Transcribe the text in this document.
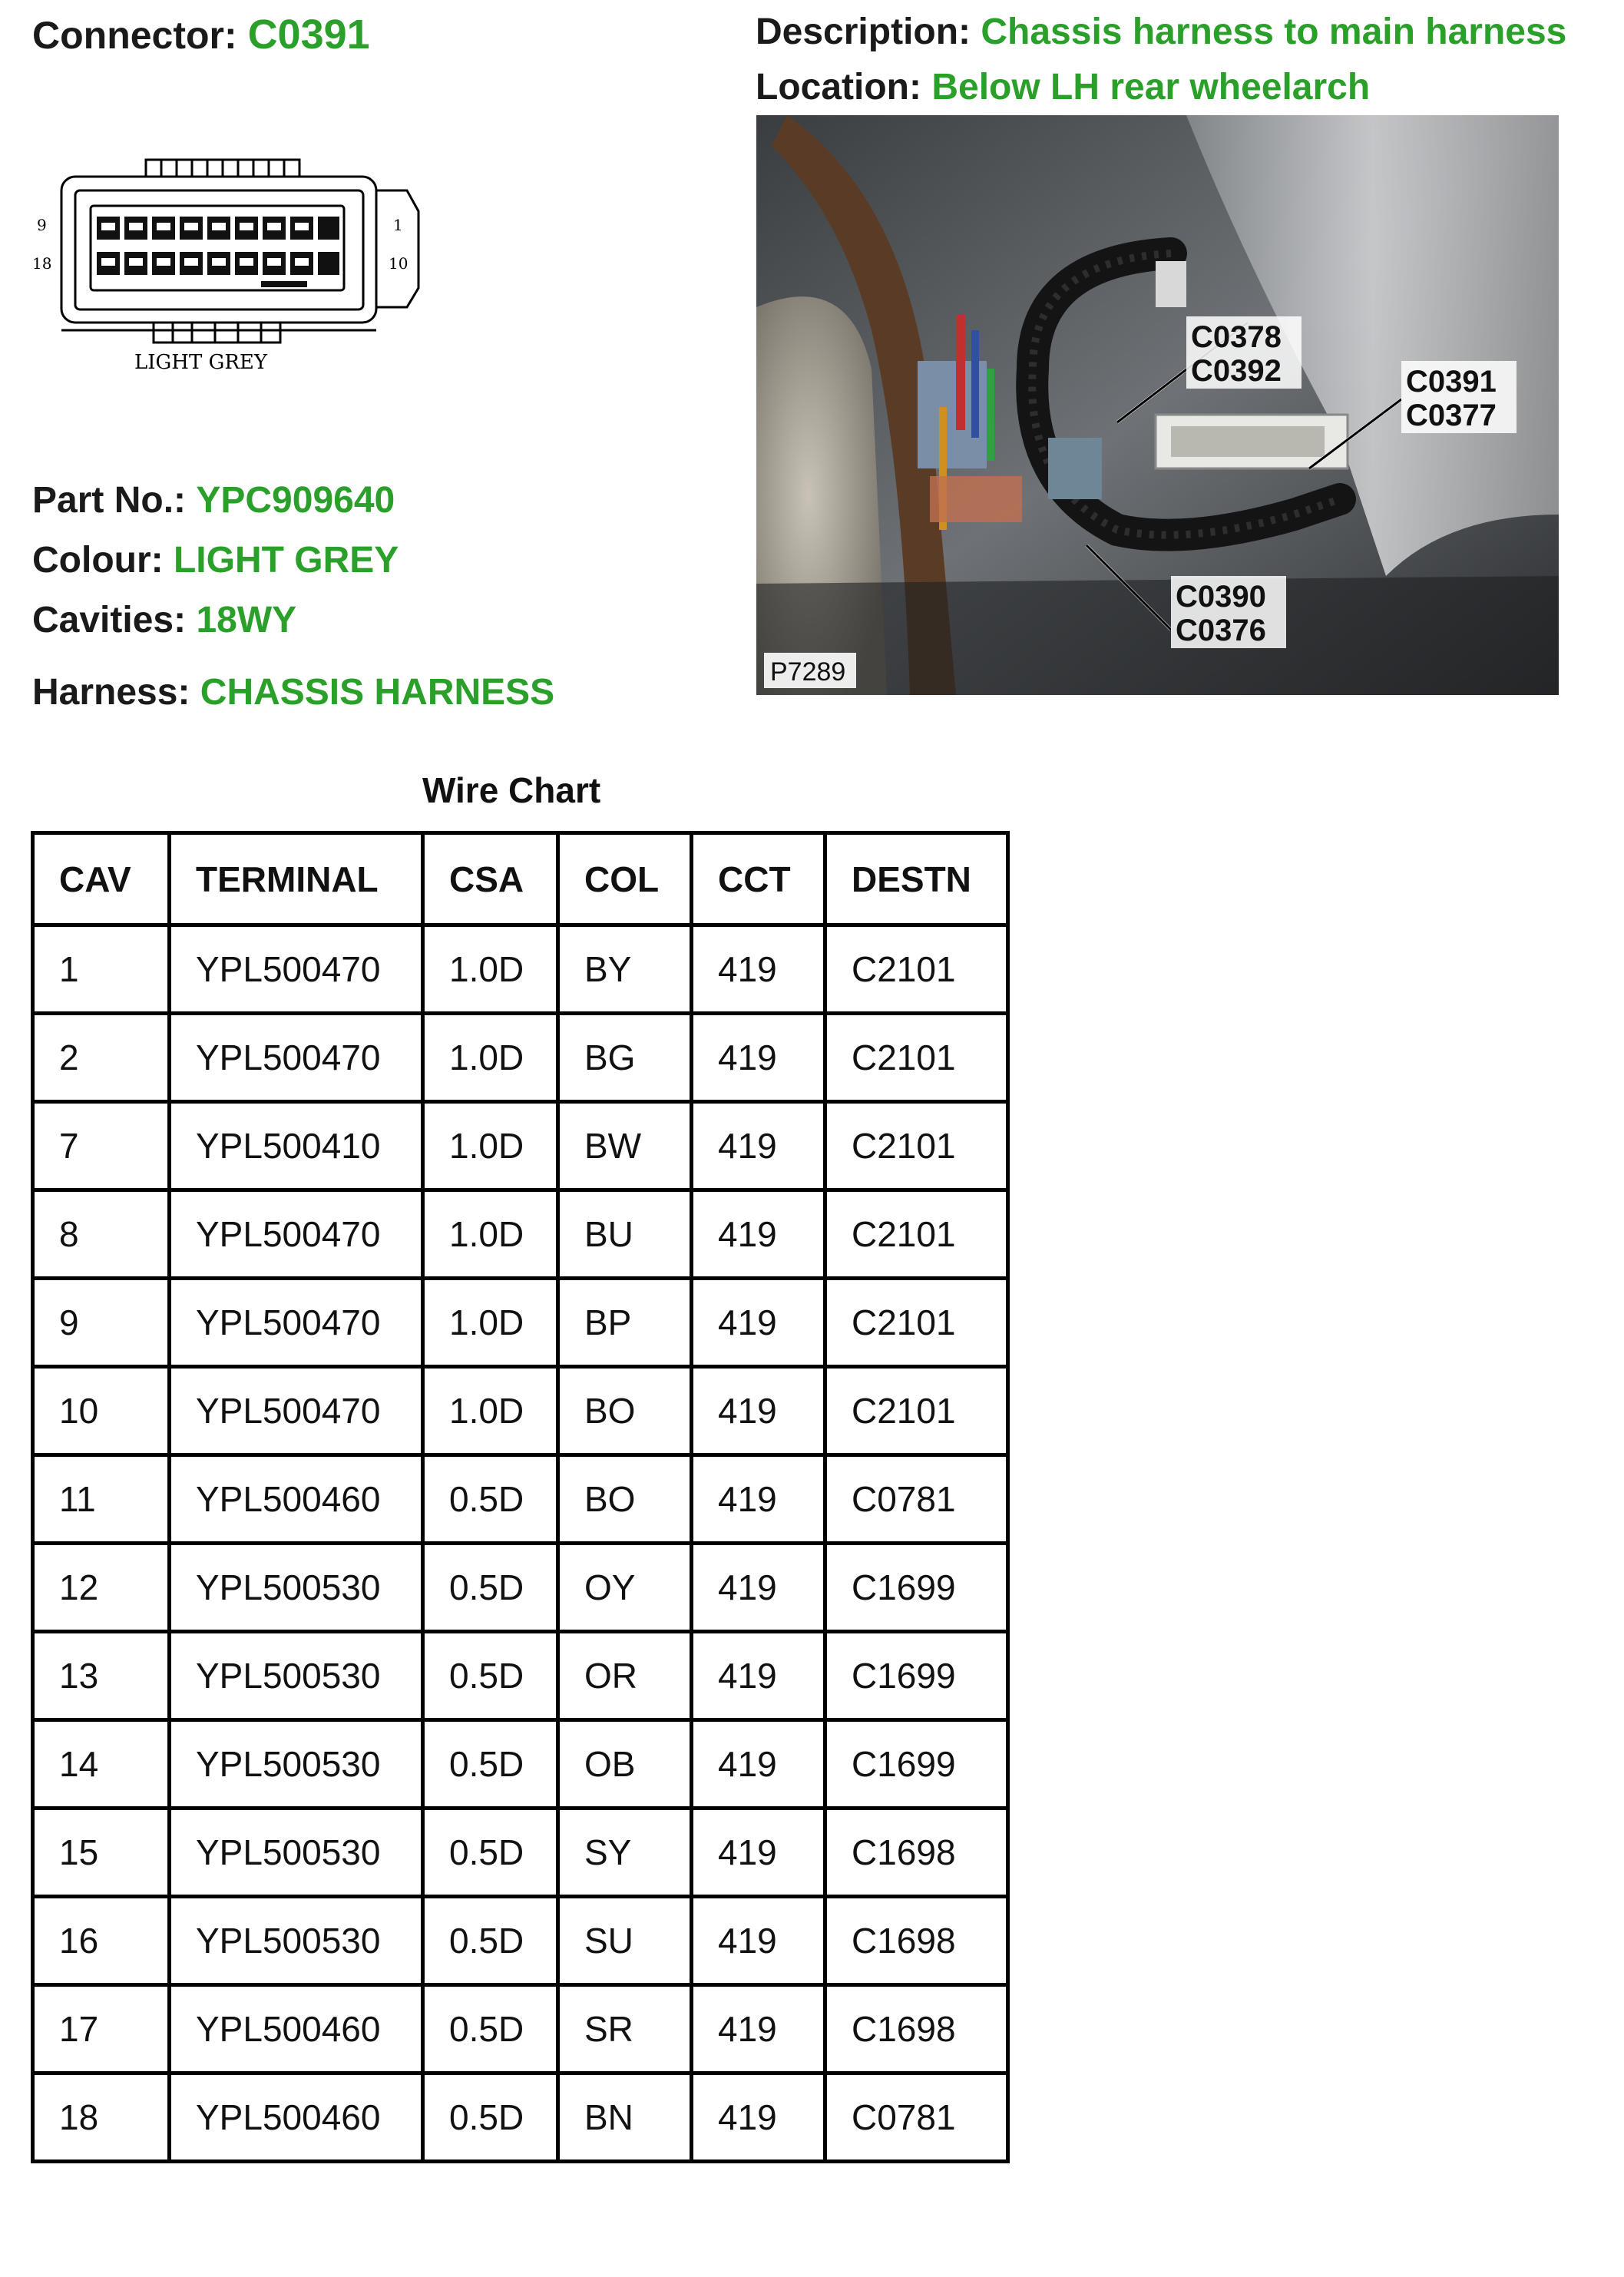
Connector: C0391	Description: Chassis harness to main harness
Location: Below LH rear wheelarch
9
18
1
10
LIGHT GREY
C0378
C0392	C0391
C0377
C0390
C0376
P7289
Part No.: YPC909640
Colour: LIGHT GREY
Cavities: 18WY
Harness: CHASSIS HARNESS
Wire Chart
CAV	TERMINAL	CSA	COL	CCT	DESTN
1	YPL500470	1.0D	BY	419	C2101
2	YPL500470	1.0D	BG	419	C2101
7	YPL500410	1.0D	BW	419	C2101
8	YPL500470	1.0D	BU	419	C2101
9	YPL500470	1.0D	BP	419	C2101
10	YPL500470	1.0D	BO	419	C2101
11	YPL500460	0.5D	BO	419	C0781
12	YPL500530	0.5D	OY	419	C1699
13	YPL500530	0.5D	OR	419	C1699
14	YPL500530	0.5D	OB	419	C1699
15	YPL500530	0.5D	SY	419	C1698
16	YPL500530	0.5D	SU	419	C1698
17	YPL500460	0.5D	SR	419	C1698
18	YPL500460	0.5D	BN	419	C0781
